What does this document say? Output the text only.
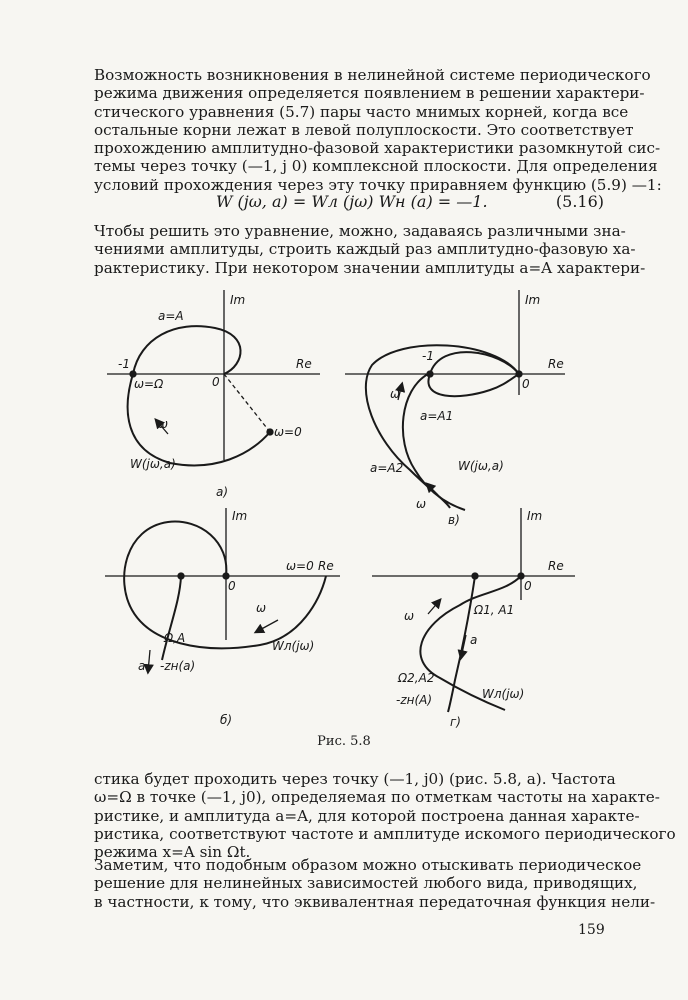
Возможность возникновения в нелинейной системе периодического
режима движения определяется появлением в решении характери-
стического уравнения (5.7) пары часто мнимых корней, когда все
остальные корни лежат в левой полуплоскости. Это соответствует
прохождению амплитудно-фазовой характеристики разомкнутой сис-
темы через точку (—1, j 0) комплексной плоскости. Для определения
условий прохождения через эту точку приравняем функцию (5.9) —1:
W (jω, a) = Wл (jω) Wн (a) = —1.	(5.16)
Чтобы решить это уравнение, можно, задаваясь различными зна-
чениями амплитуды, строить каждый раз амплитудно-фазовую ха-
рактеристику. При некотором значении амплитуды a=A характери-
Im
Re
-1
0
a=A
ω=Ω
ω
ω=0
W(jω,a)
a)
Im
Re
-1
0
ω
a=A1
a=A2
ω
W(jω,a)
в)
Im
Re
0
ω=0
ω
Ω,A
a -zн(a)
Wл(jω)
б)
Im
Re
0
ω	Ω1, A1
a
Ω2,A2
-zн(A)	Wл(jω)
г)
Рис. 5.8
стика будет проходить через точку (—1, j0) (рис. 5.8, a). Частота
ω=Ω в точке (—1, j0), определяемая по отметкам частоты на характе-
ристике, и амплитуда a=A, для которой построена данная характе-
ристика, соответствуют частоте и амплитуде искомого периодического
режима x=A sin Ωt.
Заметим, что подобным образом можно отыскивать периодическое
решение для нелинейных зависимостей любого вида, приводящих,
в частности, к тому, что эквивалентная передаточная функция нели-
159
